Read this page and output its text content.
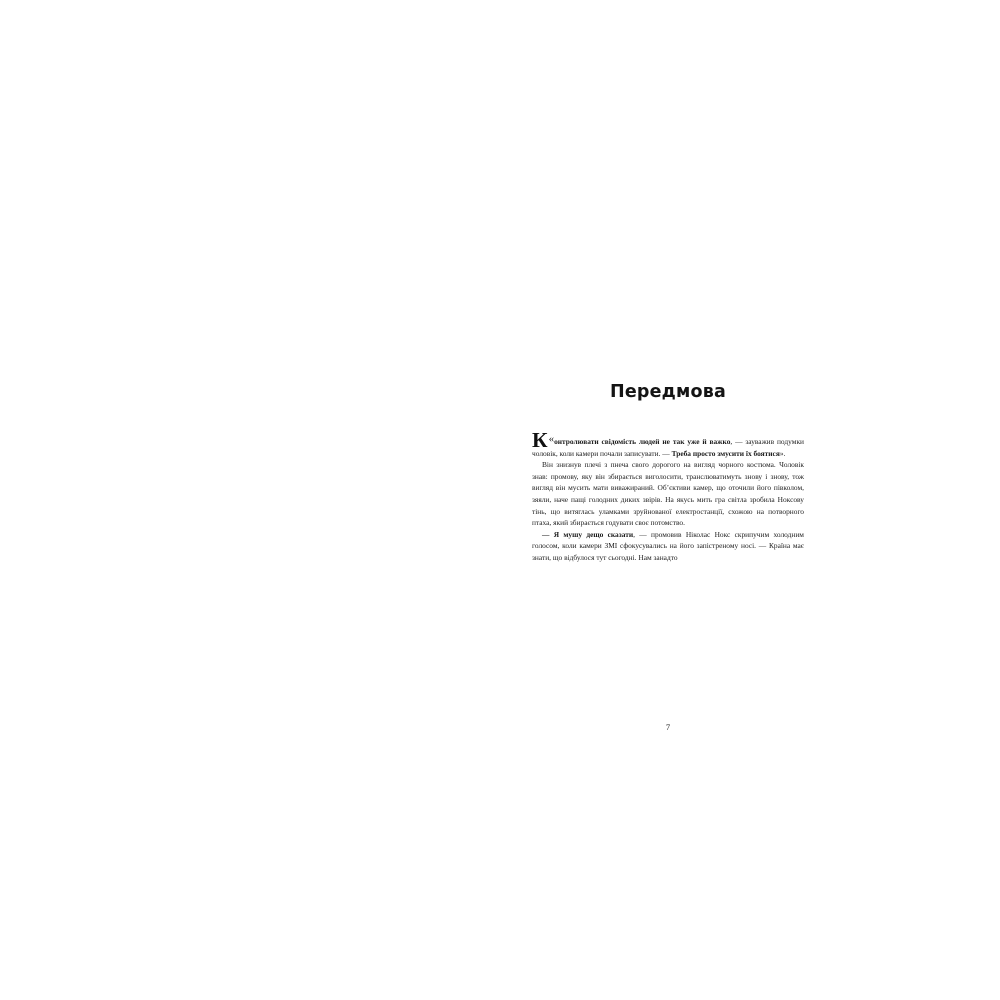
Передмова

К «онтролювати свідомість людей не так уже й важко, — зауважив подумки чоловік, коли камери почали записувати. — Треба просто змусити їх боятися».

Він знизнув плечі з пнеча свого дорогого на вигляд чорного костюма. Чоловік знав: промову, яку він збирається виголосити, транслюватимуть знову і знову, тож вигляд він мусить мати виважираний. Об’єктиви камер, що оточили його півколом, зяяли, наче пащі голодних диких звірів. На якусь мить гра світла зробила Ноксову тінь, що витяглась уламками зруйнованої електростанції, схожою на потворного птаха, який збирається годувати своє потомство.

— Я мушу дещо сказати, — промовив Ніколас Нокс скрипучим холодним голосом, коли камери ЗМІ сфокусувались на його запістреному носі. — Країна має знати, що відбулося тут сьогодні. Нам занадто

7
